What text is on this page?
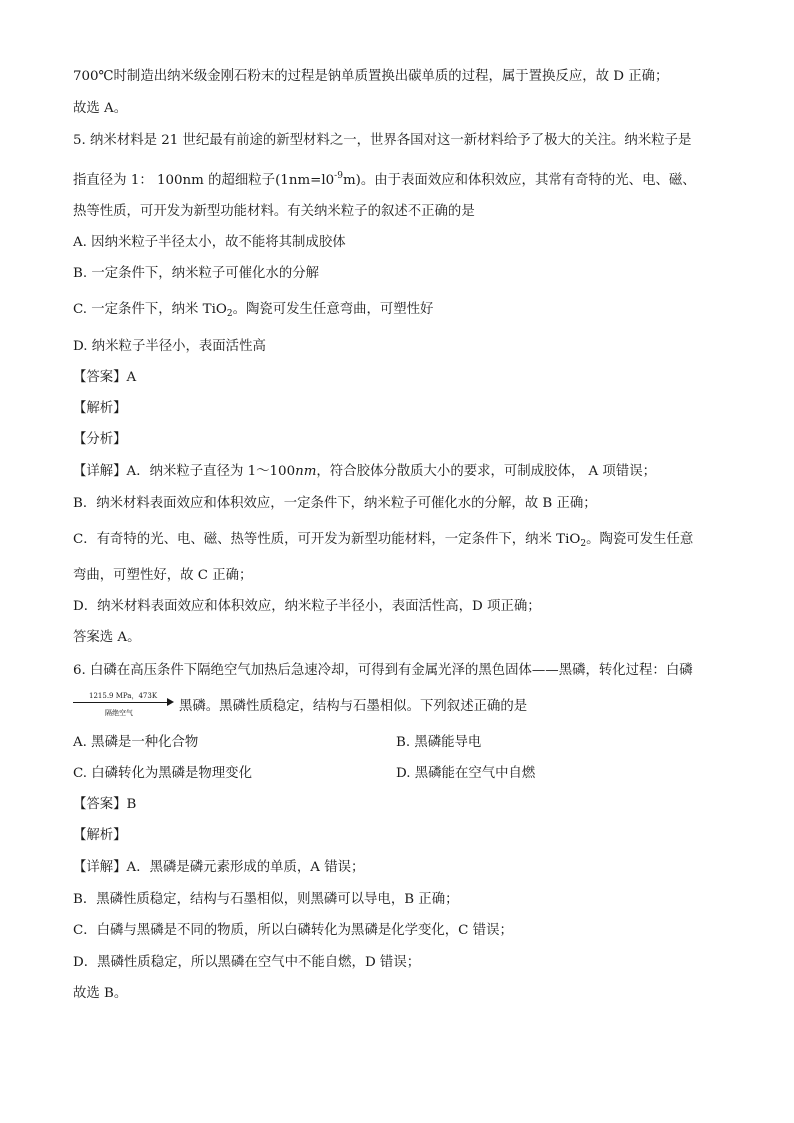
700℃时制造出纳米级金刚石粉末的过程是钠单质置换出碳单质的过程，属于置换反应，故 D 正确；
故选 A。
5. 纳米材料是 21 世纪最有前途的新型材料之一，世界各国对这一新材料给予了极大的关注。纳米粒子是
指直径为 1： 100nm 的超细粒子$(1nm=l0^{-9}m)$。由于表面效应和体积效应，其常有奇特的光、电、磁、
热等性质，可开发为新型功能材料。有关纳米粒子的叙述不正确的是
A. 因纳米粒子半径太小，故不能将其制成胶体
B. 一定条件下，纳米粒子可催化水的分解
C. 一定条件下，纳米 TiO$_2$。陶瓷可发生任意弯曲，可塑性好
D. 纳米粒子半径小，表面活性高
【答案】A
【解析】
【分析】
【详解】A．纳米粒子直径为 1～100nm，符合胶体分散质大小的要求，可制成胶体， A 项错误；
B．纳米材料表面效应和体积效应，一定条件下，纳米粒子可催化水的分解，故 B 正确；
C．有奇特的光、电、磁、热等性质，可开发为新型功能材料，一定条件下，纳米 TiO$_2$。陶瓷可发生任意
弯曲，可塑性好，故 C 正确；
D．纳米材料表面效应和体积效应，纳米粒子半径小，表面活性高，D 项正确；
答案选 A。
6. 白磷在高压条件下隔绝空气加热后急速冷却，可得到有金属光泽的黑色固体——黑磷，转化过程：白磷
1215.9 MPa，473K
隔绝空气	黑磷。黑磷性质稳定，结构与石墨相似。下列叙述正确的是
A. 黑磷是一种化合物	B. 黑磷能导电
C. 白磷转化为黑磷是物理变化	D. 黑磷能在空气中自燃
【答案】B
【解析】
【详解】A．黑磷是磷元素形成的单质，A 错误；
B．黑磷性质稳定，结构与石墨相似，则黑磷可以导电，B 正确；
C．白磷与黑磷是不同的物质，所以白磷转化为黑磷是化学变化，C 错误；
D．黑磷性质稳定，所以黑磷在空气中不能自燃，D 错误；
故选 B。
